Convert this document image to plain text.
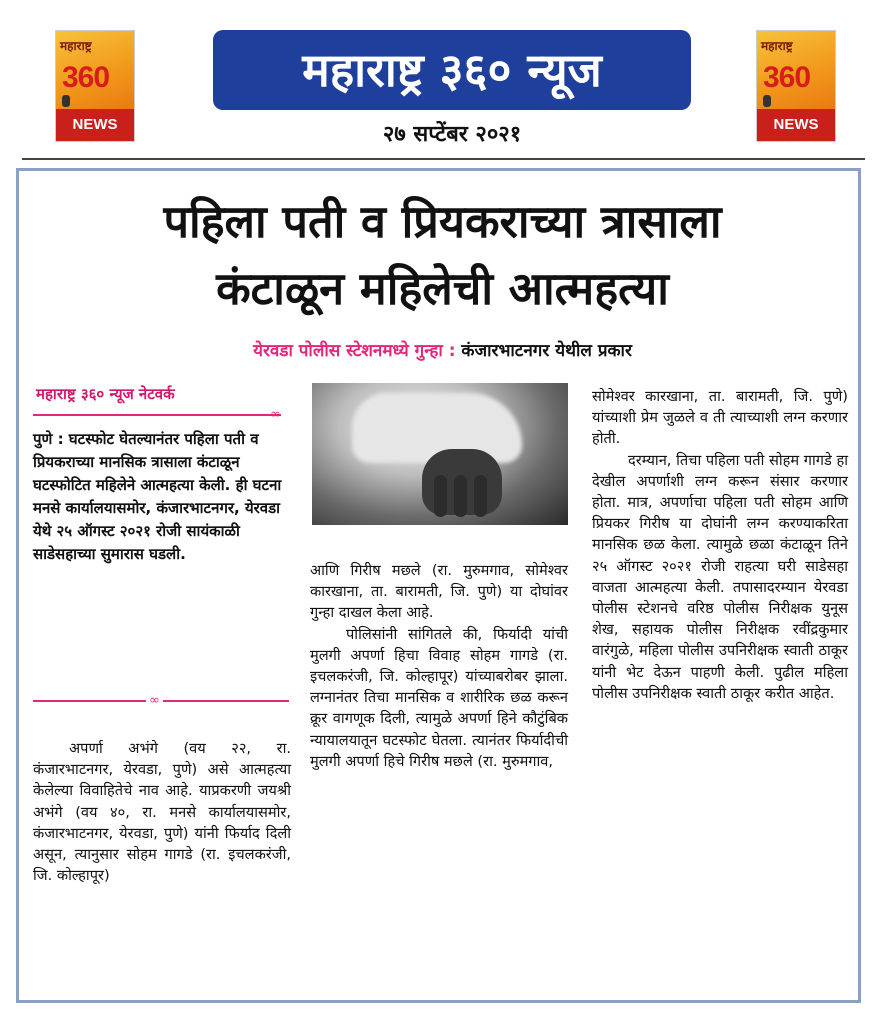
महाराष्ट्र
360
NEWS
महाराष्ट्र ३६० न्यूज
२७ सप्टेंबर २०२१
महाराष्ट्र
360
NEWS
पहिला पती व प्रियकराच्या त्रासाला
कंटाळून महिलेची आत्महत्या
येरवडा पोलीस स्टेशनमध्ये गुन्हा : कंजारभाटनगर येथील प्रकार
महाराष्ट्र ३६० न्यूज नेटवर्क
∞
पुणे : घटस्फोट घेतल्यानंतर पहिला पती व प्रियकराच्या मानसिक त्रासाला कंटाळून घटस्फोटित महिलेने आत्महत्या केली. ही घटना मनसे कार्यालयासमोर, कंजारभाटनगर, येरवडा येथे २५ ऑगस्ट २०२१ रोजी सायंकाळी साडेसहाच्या सुमारास घडली.
∞

अपर्णा अभंगे (वय २२, रा. कंजारभाटनगर, येरवडा, पुणे) असे आत्महत्या केलेल्या विवाहितेचे नाव आहे. याप्रकरणी जयश्री अभंगे (वय ४०, रा. मनसे कार्यालयासमोर, कंजारभाटनगर, येरवडा, पुणे) यांनी फिर्याद दिली असून, त्यानुसार सोहम गागडे (रा. इचलकरंजी, जि. कोल्हापूर)

आणि गिरीष मछले (रा. मुरुमगाव, सोमेश्वर कारखाना, ता. बारामती, जि. पुणे) या दोघांवर गुन्हा दाखल केला आहे.

पोलिसांनी सांगितले की, फिर्यादी यांची मुलगी अपर्णा हिचा विवाह सोहम गागडे (रा. इचलकरंजी, जि. कोल्हापूर) यांच्याबरोबर झाला. लग्नानंतर तिचा मानसिक व शारीरिक छळ करून क्रूर वागणूक दिली, त्यामुळे अपर्णा हिने कौटुंबिक न्यायालयातून घटस्फोट घेतला. त्यानंतर फिर्यादीची मुलगी अपर्णा हिचे गिरीष मछले (रा. मुरुमगाव,

सोमेश्वर कारखाना, ता. बारामती, जि. पुणे) यांच्याशी प्रेम जुळले व ती त्याच्याशी लग्न करणार होती.

दरम्यान, तिचा पहिला पती सोहम गागडे हा देखील अपर्णाशी लग्न करून संसार करणार होता. मात्र, अपर्णाचा पहिला पती सोहम आणि प्रियकर गिरीष या दोघांनी लग्न करण्याकरिता मानसिक छळ केला. त्यामुळे छळा कंटाळून तिने २५ ऑगस्ट २०२१ रोजी राहत्या घरी साडेसहा वाजता आत्महत्या केली. तपासादरम्यान येरवडा पोलीस स्टेशनचे वरिष्ठ पोलीस निरीक्षक युनूस शेख, सहायक पोलीस निरीक्षक रवींद्रकुमार वारंगुळे, महिला पोलीस उपनिरीक्षक स्वाती ठाकूर यांनी भेट देऊन पाहणी केली. पुढील महिला पोलीस उपनिरीक्षक स्वाती ठाकूर करीत आहेत.
